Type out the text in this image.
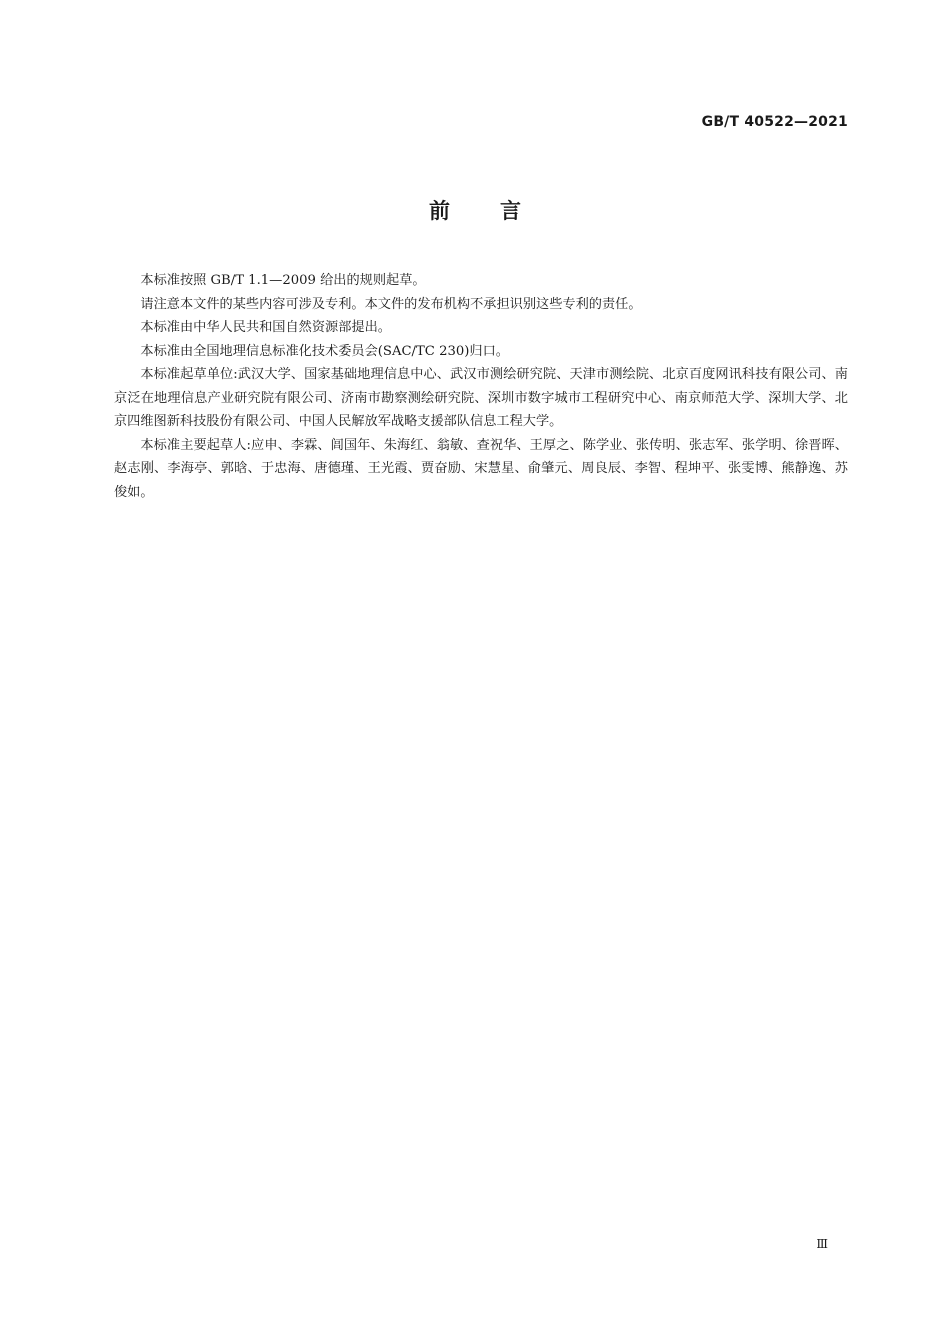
GB/T 40522—2021
前 言

本标准按照 GB/T 1.1—2009 给出的规则起草。

请注意本文件的某些内容可涉及专利。本文件的发布机构不承担识别这些专利的责任。

本标准由中华人民共和国自然资源部提出。

本标准由全国地理信息标准化技术委员会(SAC/TC 230)归口。

本标准起草单位:武汉大学、国家基础地理信息中心、武汉市测绘研究院、天津市测绘院、北京百度网讯科技有限公司、南京泛在地理信息产业研究院有限公司、济南市勘察测绘研究院、深圳市数字城市工程研究中心、南京师范大学、深圳大学、北京四维图新科技股份有限公司、中国人民解放军战略支援部队信息工程大学。

本标准主要起草人:应申、李霖、闾国年、朱海红、翁敏、查祝华、王厚之、陈学业、张传明、张志军、张学明、徐晋晖、赵志刚、李海亭、郭晗、于忠海、唐德瑾、王光霞、贾奋励、宋慧星、俞肇元、周良辰、李智、程坤平、张雯博、熊静逸、苏俊如。

Ⅲ
